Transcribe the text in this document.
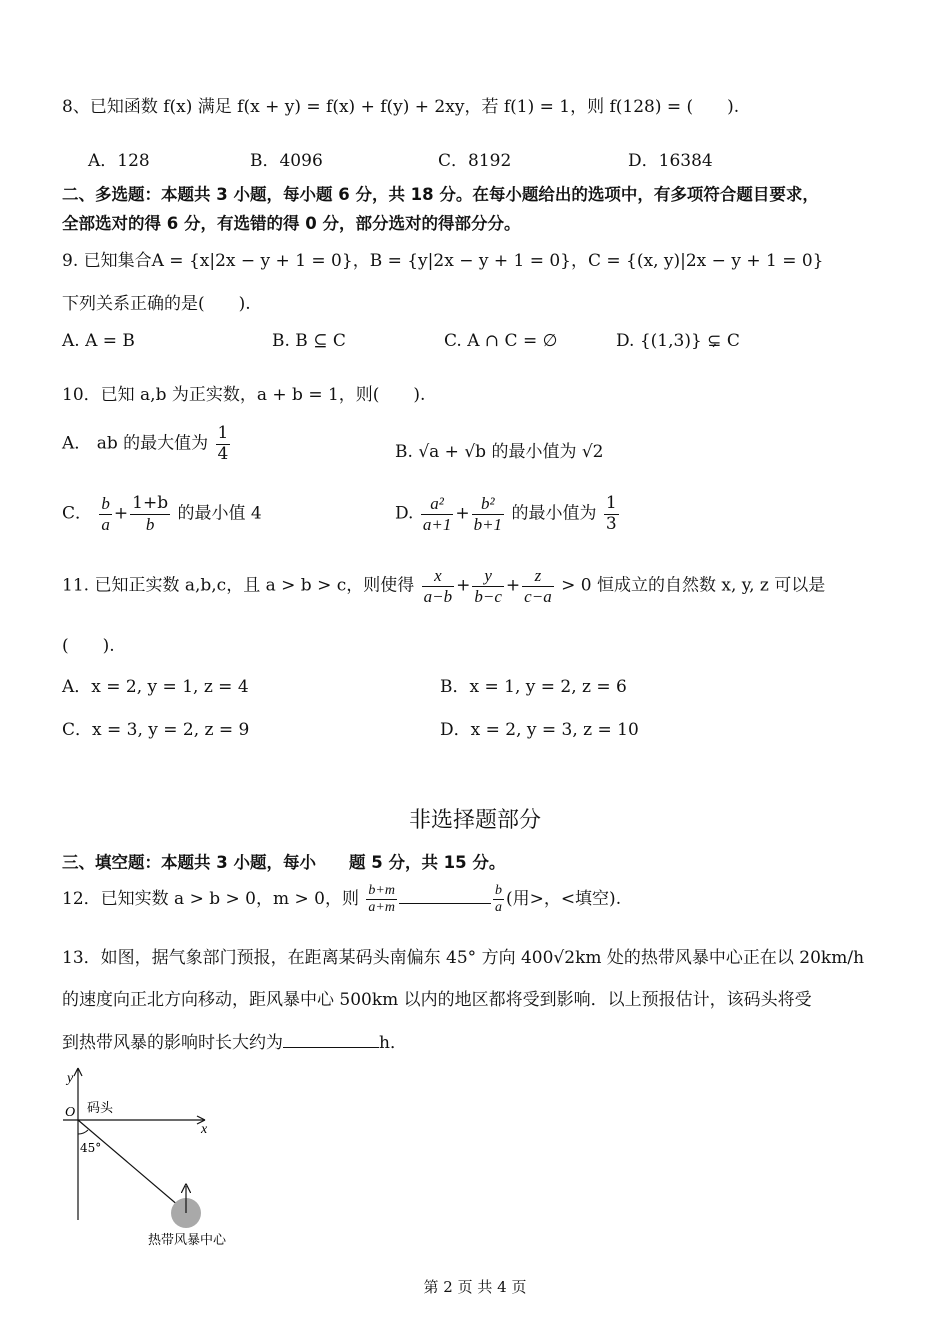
8、已知函数 f(x) 满足 f(x + y) = f(x) + f(y) + 2xy，若 f(1) = 1，则 f(128) = (　　).
A．128	B．4096	C．8192	D．16384
二、多选题：本题共 3 小题，每小题 6 分，共 18 分。在每小题给出的选项中，有多项符合题目要求，
全部选对的得 6 分，有选错的得 0 分，部分选对的得部分分。
9. 已知集合A = {x|2x − y + 1 = 0}，B = {y|2x − y + 1 = 0}，C = {(x, y)|2x − y + 1 = 0}
下列关系正确的是(　　).
A. A = B	B. B ⊆ C	C. A ∩ C = ∅	D. {(1,3)} ⊊ C
10．已知 a,b 为正实数，a + b = 1，则(　　).
A． ab 的最大值为 $\frac{1}{4}$	B. √a + √b 的最小值为 √2
C． $\frac{b}{a} + \frac{1+b}{b}$ 的最小值 4	D. $\frac{\text{a²}}{a+1} + \frac{\text{b²}}{b+1}$ 的最小值为 $\frac{1}{3}$
11. 已知正实数 a,b,c，且 a > b > c，则使得 $\frac{x}{a-b} + \frac{y}{b-c} + \frac{z}{c-a} > 0$ 恒成立的自然数 x, y, z 可以是
(　　).
A．x = 2, y = 1, z = 4	B．x = 1, y = 2, z = 6
C．x = 3, y = 2, z = 9	D．x = 2, y = 3, z = 10
非选择题部分
三、填空题：本题共 3 小题，每小　　题 5 分，共 15 分。
12．已知实数 a > b > 0，m > 0，则 $\frac{b+m}{a+m}$	$\frac{b}{a}$ (用>，<填空).
13．如图，据气象部门预报，在距离某码头南偏东 45° 方向 400√2km 处的热带风暴中心正在以 20km/h
的速度向正北方向移动，距风暴中心 500km 以内的地区都将受到影响．以上预报估计，该码头将受
到热带风暴的影响时长大约为	h．
y
x
O 码头
45°
热带风暴中心
第 2 页 共 4 页
